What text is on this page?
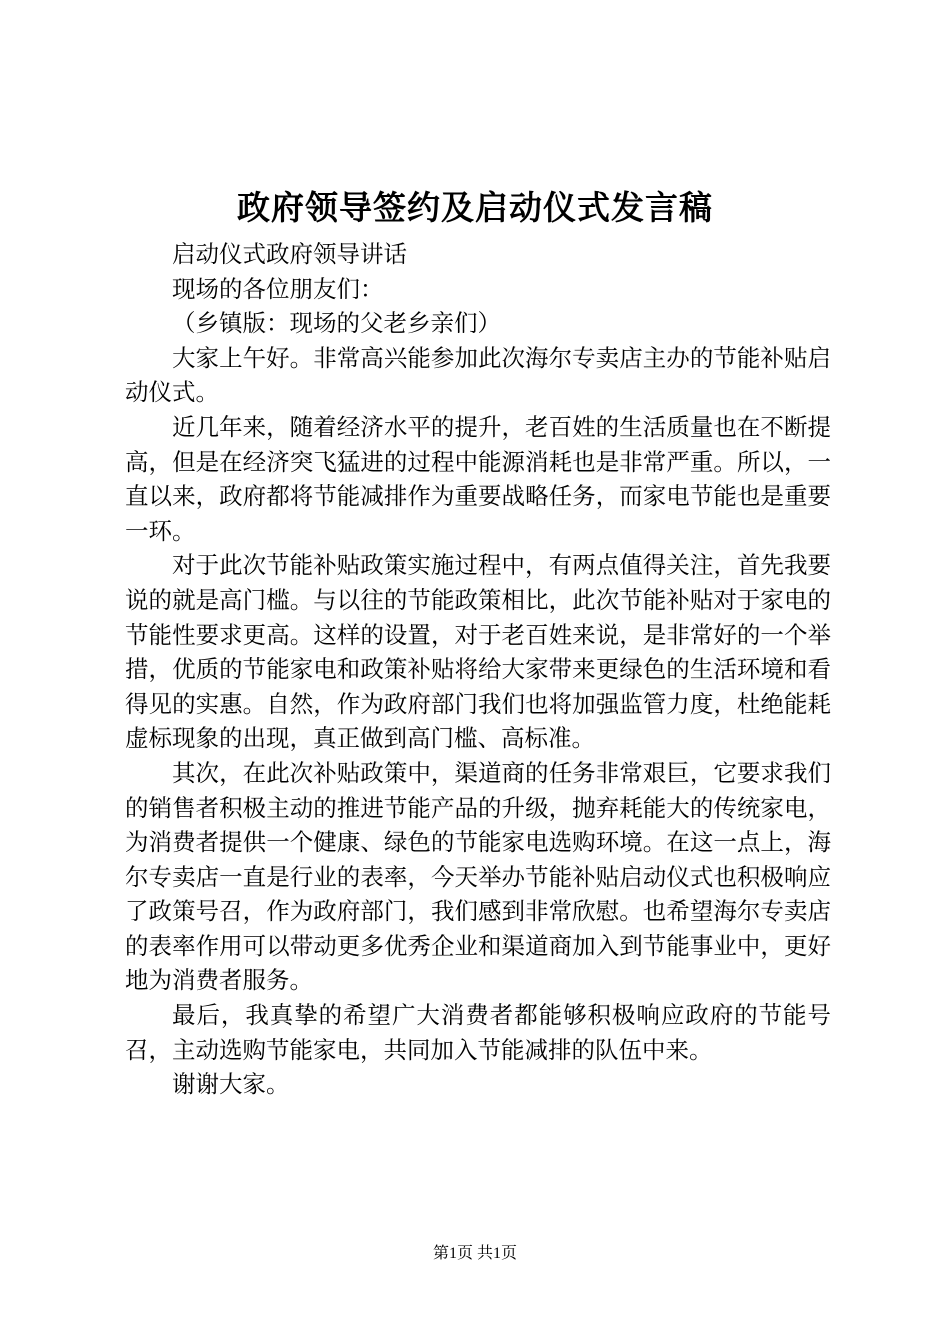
政府领导签约及启动仪式发言稿

启动仪式政府领导讲话

现场的各位朋友们：

（乡镇版：现场的父老乡亲们）

大家上午好。非常高兴能参加此次海尔专卖店主办的节能补贴启动仪式。

近几年来，随着经济水平的提升，老百姓的生活质量也在不断提高，但是在经济突飞猛进的过程中能源消耗也是非常严重。所以，一直以来，政府都将节能减排作为重要战略任务，而家电节能也是重要一环。

对于此次节能补贴政策实施过程中，有两点值得关注，首先我要说的就是高门槛。与以往的节能政策相比，此次节能补贴对于家电的节能性要求更高。这样的设置，对于老百姓来说，是非常好的一个举措，优质的节能家电和政策补贴将给大家带来更绿色的生活环境和看得见的实惠。自然，作为政府部门我们也将加强监管力度，杜绝能耗虚标现象的出现，真正做到高门槛、高标准。

其次，在此次补贴政策中，渠道商的任务非常艰巨，它要求我们的销售者积极主动的推进节能产品的升级，抛弃耗能大的传统家电，为消费者提供一个健康、绿色的节能家电选购环境。在这一点上，海尔专卖店一直是行业的表率，今天举办节能补贴启动仪式也积极响应了政策号召，作为政府部门，我们感到非常欣慰。也希望海尔专卖店的表率作用可以带动更多优秀企业和渠道商加入到节能事业中，更好地为消费者服务。

最后，我真挚的希望广大消费者都能够积极响应政府的节能号召，主动选购节能家电，共同加入节能减排的队伍中来。

谢谢大家。

第1页 共1页
